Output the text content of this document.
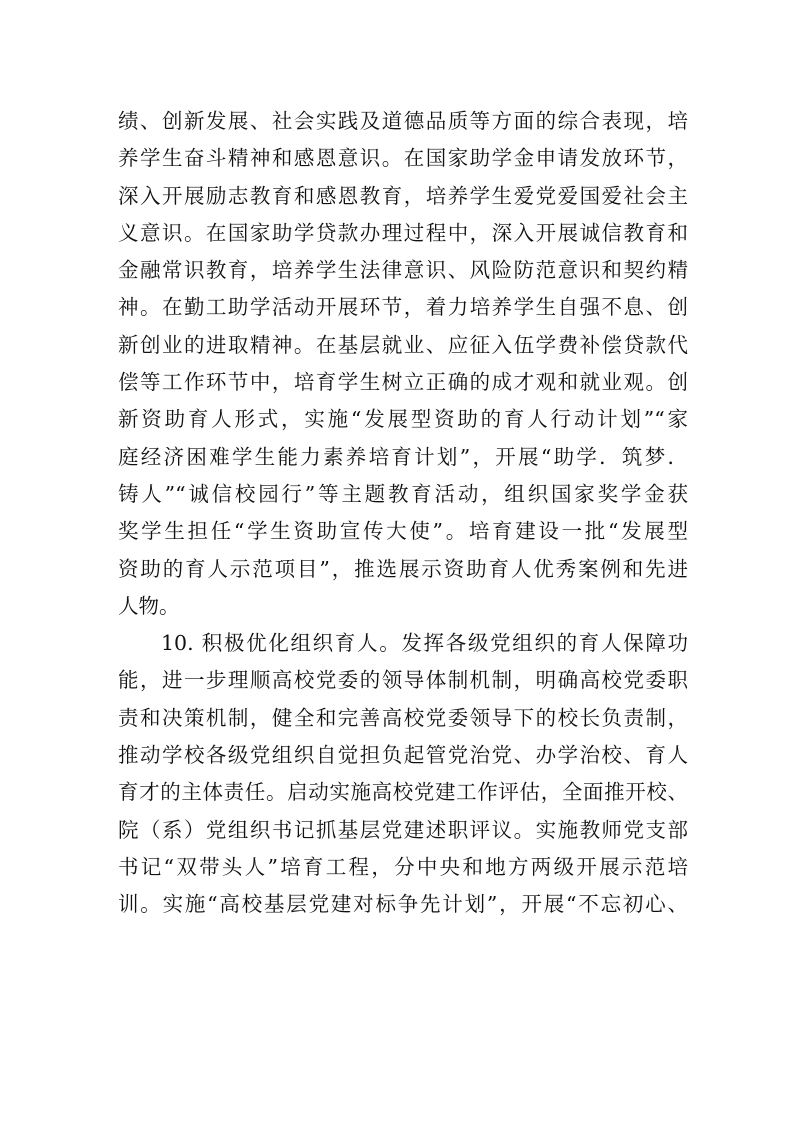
绩、创新发展、社会实践及道德品质等方面的综合表现，培
养学生奋斗精神和感恩意识。在国家助学金申请发放环节，
深入开展励志教育和感恩教育，培养学生爱党爱国爱社会主
义意识。在国家助学贷款办理过程中，深入开展诚信教育和
金融常识教育，培养学生法律意识、风险防范意识和契约精
神。在勤工助学活动开展环节，着力培养学生自强不息、创
新创业的进取精神。在基层就业、应征入伍学费补偿贷款代
偿等工作环节中，培育学生树立正确的成才观和就业观。创
新资助育人形式，实施“发展型资助的育人行动计划”“家
庭经济困难学生能力素养培育计划”，开展“助学．筑梦．
铸人”“诚信校园行”等主题教育活动，组织国家奖学金获
奖学生担任“学生资助宣传大使”。培育建设一批“发展型
资助的育人示范项目”，推选展示资助育人优秀案例和先进
人物。
10. 积极优化组织育人。发挥各级党组织的育人保障功
能，进一步理顺高校党委的领导体制机制，明确高校党委职
责和决策机制，健全和完善高校党委领导下的校长负责制，
推动学校各级党组织自觉担负起管党治党、办学治校、育人
育才的主体责任。启动实施高校党建工作评估，全面推开校、
院（系）党组织书记抓基层党建述职评议。实施教师党支部
书记“双带头人”培育工程，分中央和地方两级开展示范培
训。实施“高校基层党建对标争先计划”，开展“不忘初心、
